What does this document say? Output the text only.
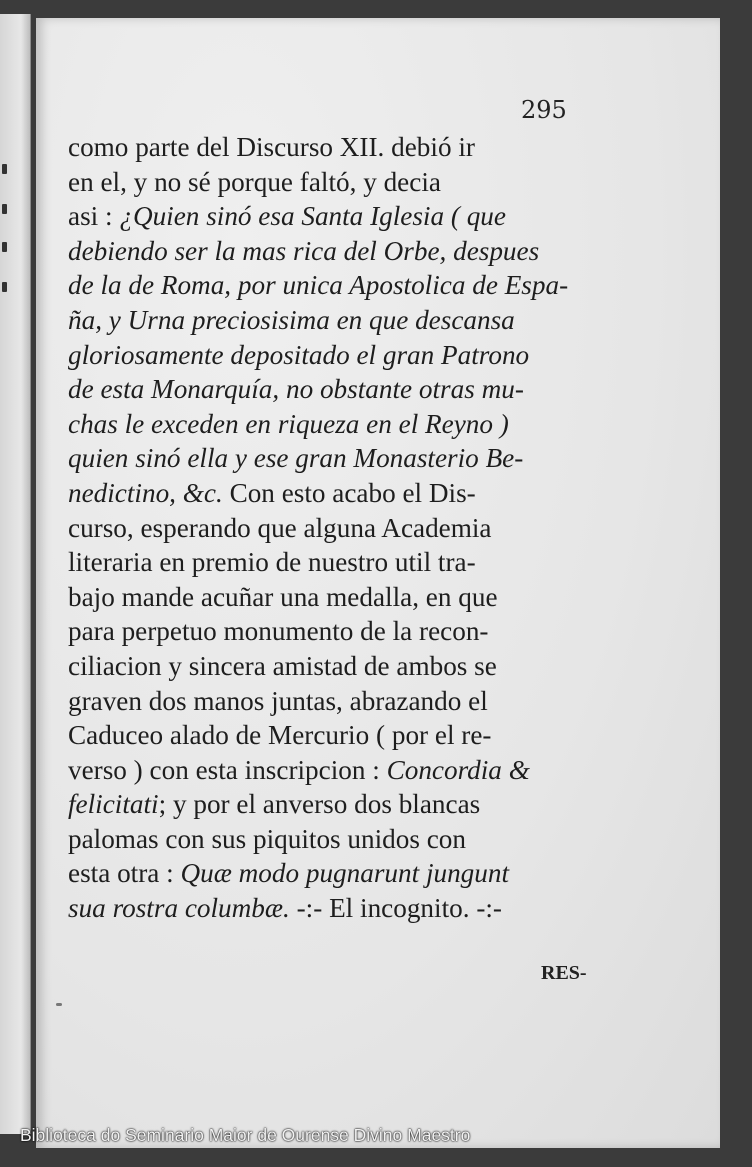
295
como parte del Discurso XII. debió ir
en el, y no sé porque faltó, y decia
asi : ¿Quien sinó esa Santa Iglesia ( que
debiendo ser la mas rica del Orbe, despues
de la de Roma, por unica Apostolica de Espa-
ña, y Urna preciosisima en que descansa
gloriosamente depositado el gran Patrono
de esta Monarquía, no obstante otras mu-
chas le exceden en riqueza en el Reyno )
quien sinó ella y ese gran Monasterio Be-
nedictino, &c. Con esto acabo el Dis-
curso, esperando que alguna Academia
literaria en premio de nuestro util tra-
bajo mande acuñar una medalla, en que
para perpetuo monumento de la recon-
ciliacion y sincera amistad de ambos se
graven dos manos juntas, abrazando el
Caduceo alado de Mercurio ( por el re-
verso ) con esta inscripcion : Concordia &
felicitati; y por el anverso dos blancas
palomas con sus piquitos unidos con
esta otra : Quæ modo pugnarunt jungunt
sua rostra columbæ. -:- El incognito. -:-
RES-
Biblioteca do Seminario Maior de Ourense Divino Maestro
